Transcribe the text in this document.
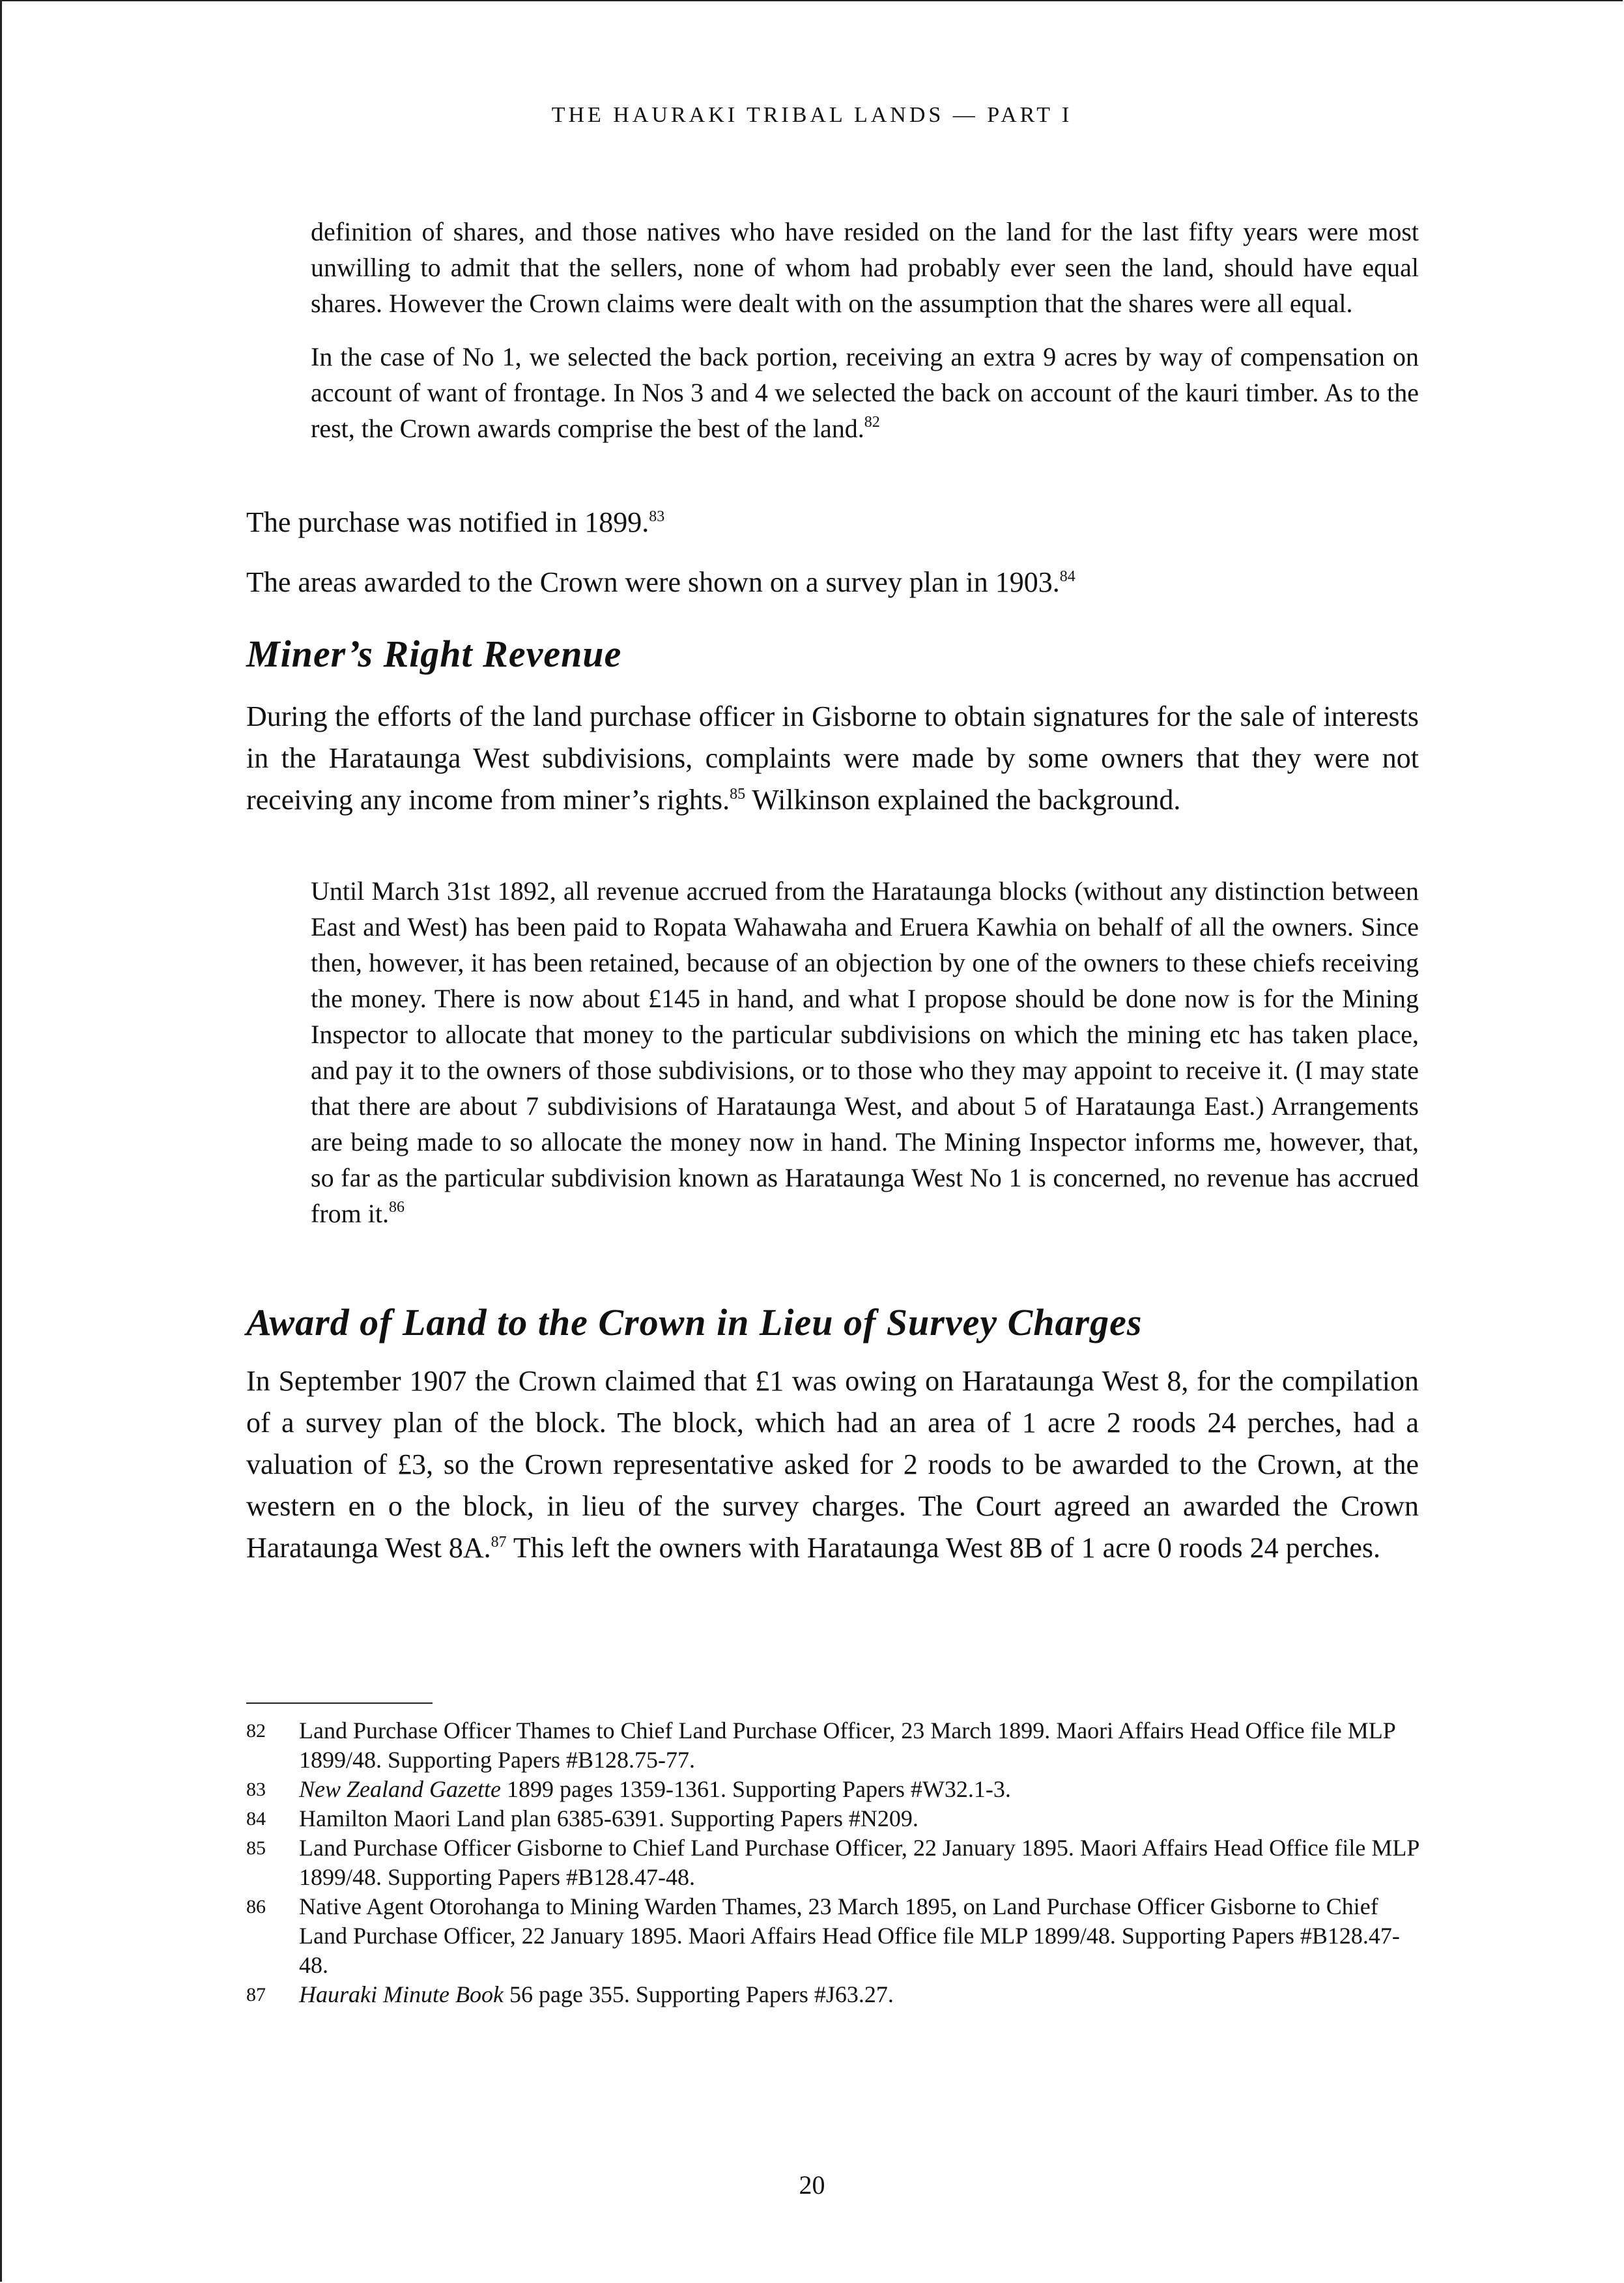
THE HAURAKI TRIBAL LANDS — PART I

definition of shares, and those natives who have resided on the land for the last fifty years were most unwilling to admit that the sellers, none of whom had probably ever seen the land, should have equal shares. However the Crown claims were dealt with on the assumption that the shares were all equal.

In the case of No 1, we selected the back portion, receiving an extra 9 acres by way of compensation on account of want of frontage. In Nos 3 and 4 we selected the back on account of the kauri timber. As to the rest, the Crown awards comprise the best of the land.$^{82}$

The purchase was notified in 1899.83

The areas awarded to the Crown were shown on a survey plan in 1903.84

Miner’s Right Revenue

During the efforts of the land purchase officer in Gisborne to obtain signatures for the sale of interests in the Harataunga West subdivisions, complaints were made by some owners that they were not receiving any income from miner’s rights.$^{85}$ Wilkinson explained the background.

Until March 31st 1892, all revenue accrued from the Harataunga blocks (without any distinction between East and West) has been paid to Ropata Wahawaha and Eruera Kawhia on behalf of all the owners. Since then, however, it has been retained, because of an objection by one of the owners to these chiefs receiving the money. There is now about £145 in hand, and what I propose should be done now is for the Mining Inspector to allocate that money to the particular subdivisions on which the mining etc has taken place, and pay it to the owners of those subdivisions, or to those who they may appoint to receive it. (I may state that there are about 7 subdivisions of Harataunga West, and about 5 of Harataunga East.) Arrangements are being made to so allocate the money now in hand. The Mining Inspector informs me, however, that, so far as the particular subdivision known as Harataunga West No 1 is concerned, no revenue has accrued from it.$^{86}$

Award of Land to the Crown in Lieu of Survey Charges

In September 1907 the Crown claimed that £1 was owing on Harataunga West 8, for the compilation of a survey plan of the block. The block, which had an area of 1 acre 2 roods 24 perches, had a valuation of £3, so the Crown representative asked for 2 roods to be awarded to the Crown, at the western en o the block, in lieu of the survey charges. The Court agreed an awarded the Crown Harataunga West 8A.$^{87}$ This left the owners with Harataunga West 8B of 1 acre 0 roods 24 perches.

82	Land Purchase Officer Thames to Chief Land Purchase Officer, 23 March 1899. Maori Affairs Head Office file MLP 1899/48. Supporting Papers #B128.75-77.
83	New Zealand Gazette 1899 pages 1359-1361. Supporting Papers #W32.1-3.
84	Hamilton Maori Land plan 6385-6391. Supporting Papers #N209.
85	Land Purchase Officer Gisborne to Chief Land Purchase Officer, 22 January 1895. Maori Affairs Head Office file MLP 1899/48. Supporting Papers #B128.47-48.
86	Native Agent Otorohanga to Mining Warden Thames, 23 March 1895, on Land Purchase Officer Gisborne to Chief Land Purchase Officer, 22 January 1895. Maori Affairs Head Office file MLP 1899/48. Supporting Papers #B128.47-48.
87	Hauraki Minute Book 56 page 355. Supporting Papers #J63.27.
20
